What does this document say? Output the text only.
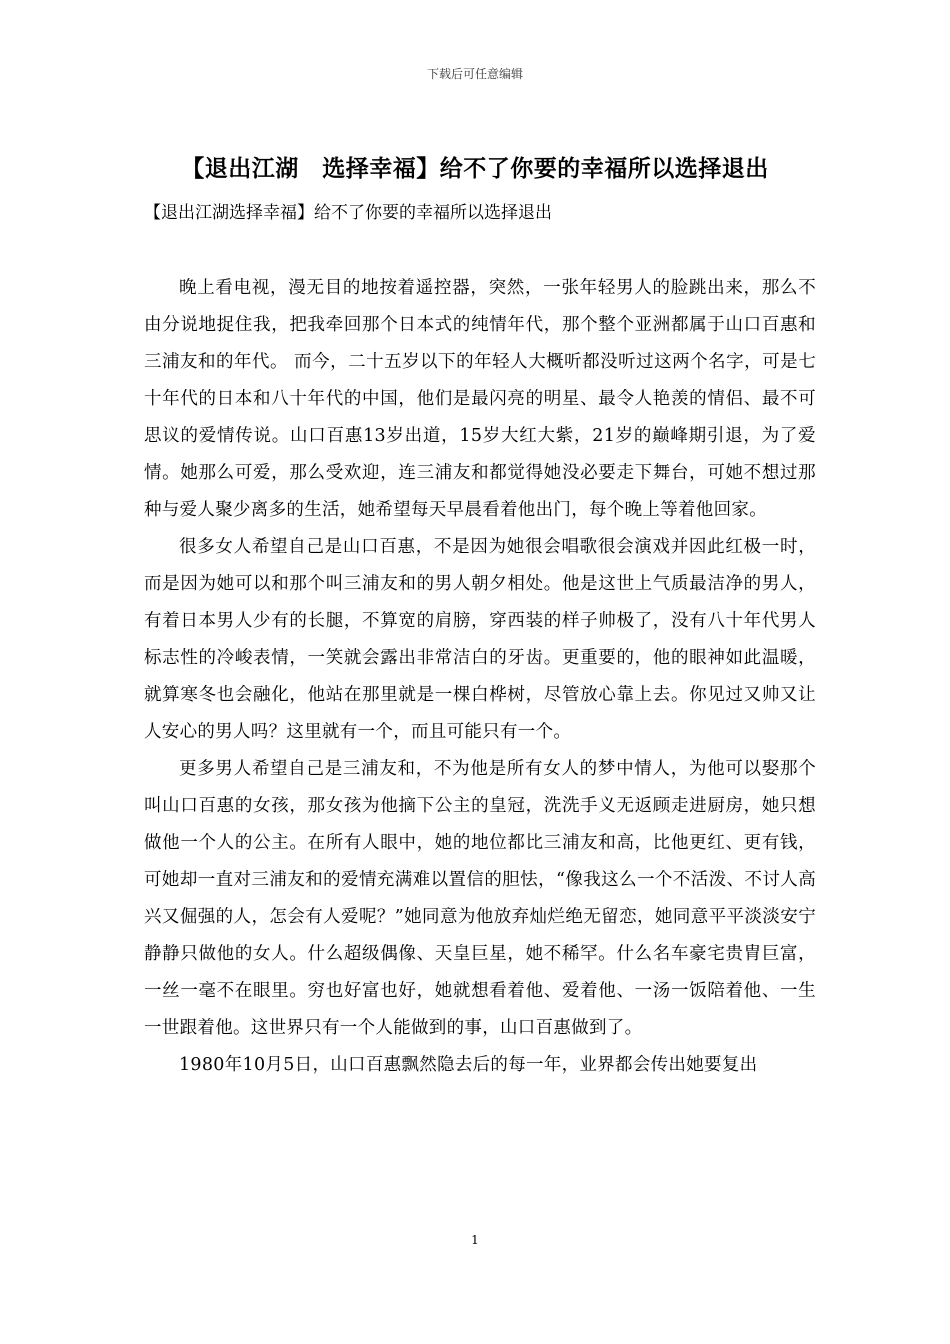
下载后可任意编辑
【退出江湖　选择幸福】给不了你要的幸福所以选择退出
【退出江湖选择幸福】给不了你要的幸福所以选择退出

晚上看电视，漫无目的地按着遥控器，突然，一张年轻男人的脸跳出来，那么不由分说地捉住我，把我牵回那个日本式的纯情年代，那个整个亚洲都属于山口百惠和三浦友和的年代。 而今，二十五岁以下的年轻人大概听都没听过这两个名字，可是七十年代的日本和八十年代的中国，他们是最闪亮的明星、最令人艳羡的情侣、最不可思议的爱情传说。山口百惠13岁出道，15岁大红大紫，21岁的巅峰期引退，为了爱情。她那么可爱，那么受欢迎，连三浦友和都觉得她没必要走下舞台，可她不想过那种与爱人聚少离多的生活，她希望每天早晨看着他出门，每个晚上等着他回家。

很多女人希望自己是山口百惠，不是因为她很会唱歌很会演戏并因此红极一时，而是因为她可以和那个叫三浦友和的男人朝夕相处。他是这世上气质最洁净的男人，有着日本男人少有的长腿，不算宽的肩膀，穿西装的样子帅极了，没有八十年代男人标志性的冷峻表情，一笑就会露出非常洁白的牙齿。更重要的，他的眼神如此温暖，就算寒冬也会融化，他站在那里就是一棵白桦树，尽管放心靠上去。你见过又帅又让人安心的男人吗？这里就有一个，而且可能只有一个。

更多男人希望自己是三浦友和，不为他是所有女人的梦中情人，为他可以娶那个叫山口百惠的女孩，那女孩为他摘下公主的皇冠，洗洗手义无返顾走进厨房，她只想做他一个人的公主。在所有人眼中，她的地位都比三浦友和高，比他更红、更有钱，可她却一直对三浦友和的爱情充满难以置信的胆怯，“像我这么一个不活泼、不讨人高兴又倔强的人，怎会有人爱呢？”她同意为他放弃灿烂绝无留恋，她同意平平淡淡安宁静静只做他的女人。什么超级偶像、天皇巨星，她不稀罕。什么名车豪宅贵胄巨富，一丝一毫不在眼里。穷也好富也好，她就想看着他、爱着他、一汤一饭陪着他、一生一世跟着他。这世界只有一个人能做到的事，山口百惠做到了。

1980年10月5日，山口百惠飘然隐去后的每一年，业界都会传出她要复出

1
